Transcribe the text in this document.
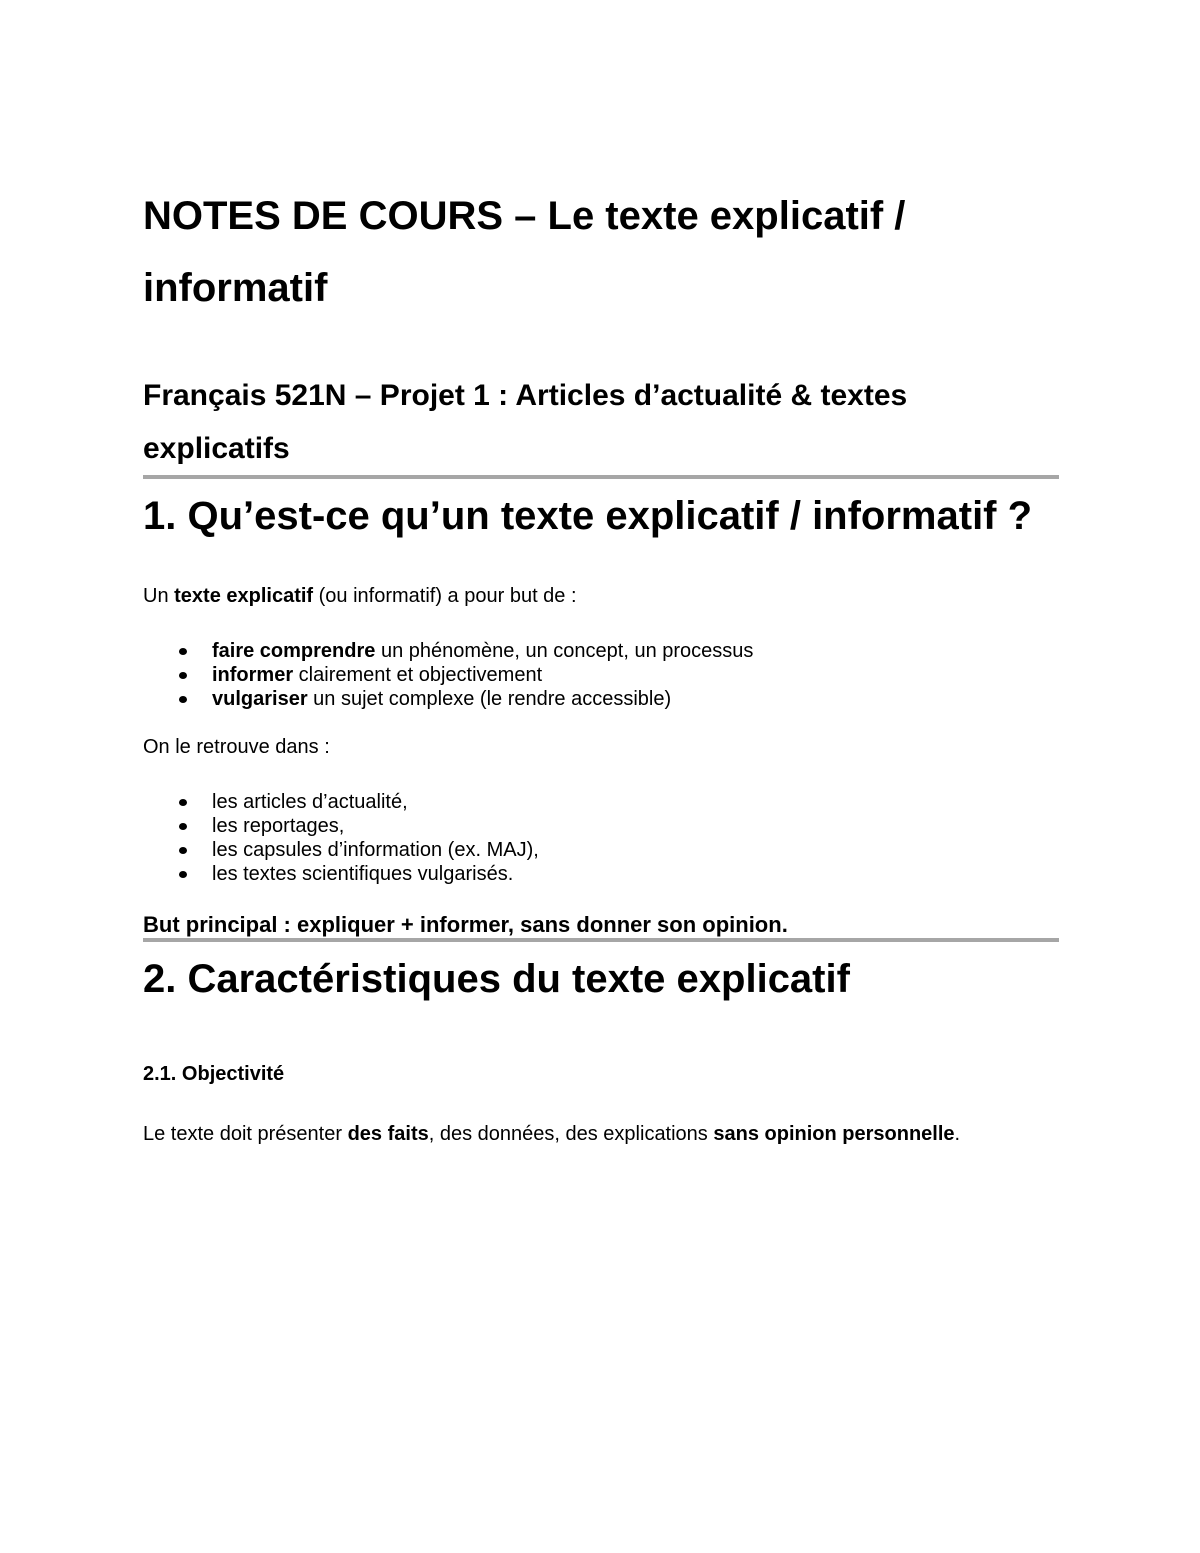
NOTES DE COURS – Le texte explicatif / informatif
Français 521N – Projet 1 : Articles d’actualité & textes explicatifs
1. Qu’est-ce qu’un texte explicatif / informatif ?

Un texte explicatif (ou informatif) a pour but de :

faire comprendre un phénomène, un concept, un processus
informer clairement et objectivement
vulgariser un sujet complexe (le rendre accessible)

On le retrouve dans :

les articles d’actualité,
les reportages,
les capsules d’information (ex. MAJ),
les textes scientifiques vulgarisés.

But principal : expliquer + informer, sans donner son opinion.

2. Caractéristiques du texte explicatif
2.1. Objectivité

Le texte doit présenter des faits, des données, des explications sans opinion personnelle.
